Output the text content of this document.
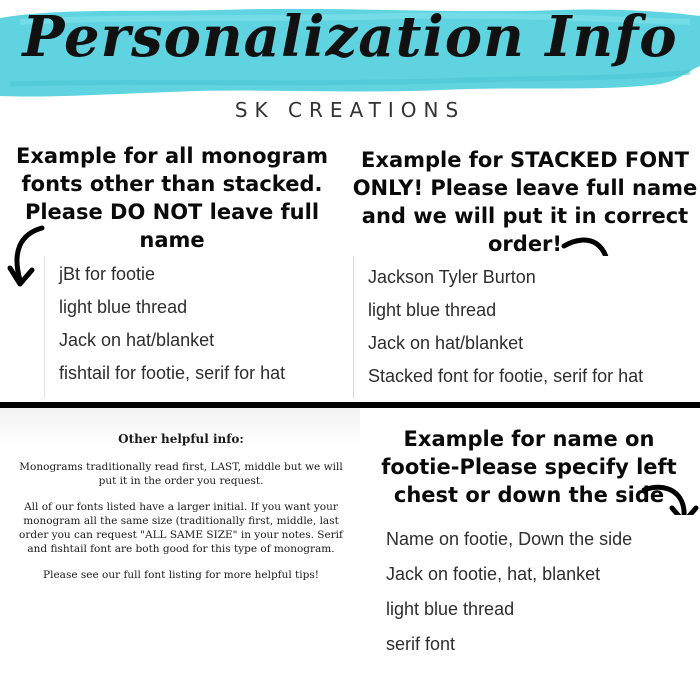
Personalization Info
SK CREATIONS
Example for all monogram fonts other than stacked. Please DO NOT leave full name
jBt for footie
light blue thread
Jack on hat/blanket
fishtail for footie, serif for hat
Example for STACKED FONT ONLY! Please leave full name and we will put it in correct order!
Jackson Tyler Burton
light blue thread
Jack on hat/blanket
Stacked font for footie, serif for hat
Other helpful info:

Monograms traditionally read first, LAST, middle but we will put it in the order you request.

All of our fonts listed have a larger initial. If you want your monogram all the same size (traditionally first, middle, last order you can request "ALL SAME SIZE" in your notes. Serif and fishtail font are both good for this type of monogram.

Please see our full font listing for more helpful tips!

Example for name on footie-Please specify left chest or down the side
Name on footie, Down the side
Jack on footie, hat, blanket
light blue thread
serif font
